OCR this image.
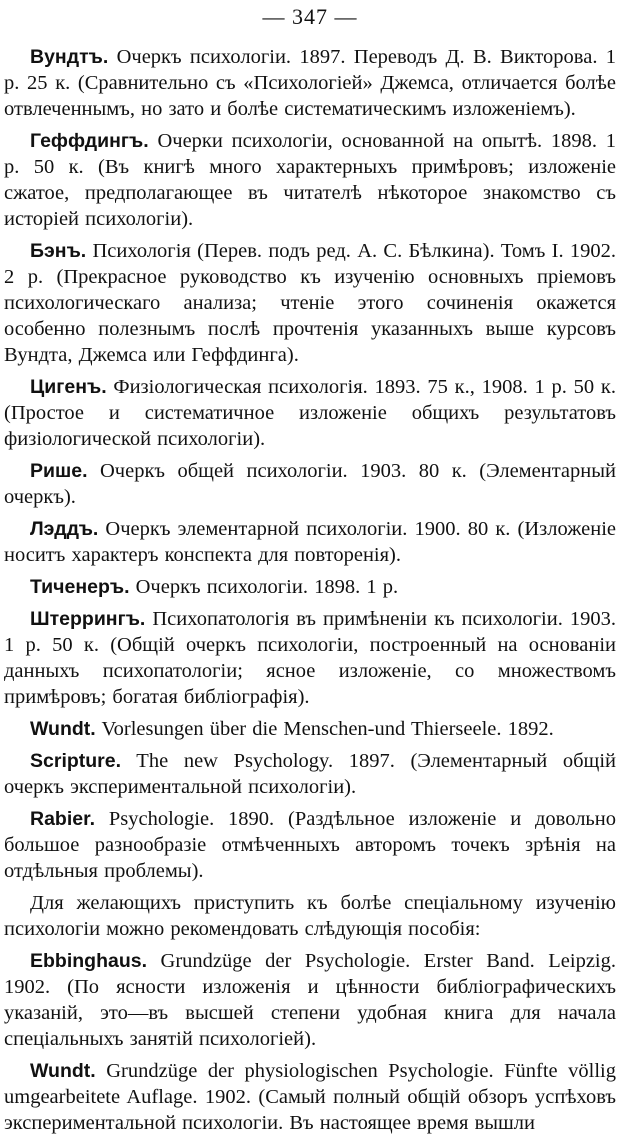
— 347 —

Вундтъ. Очеркъ психологіи. 1897. Переводъ Д. В. Викторова. 1 р. 25 к. (Сравнительно съ «Психологіей» Джемса, отличается болѣе отвлеченнымъ, но зато и болѣе систематическимъ изложеніемъ).

Геффдингъ. Очерки психологіи, основанной на опытѣ. 1898. 1 р. 50 к. (Въ книгѣ много характерныхъ примѣровъ; изложеніе сжатое, предполагающее въ читателѣ нѣкоторое знакомство съ исторіей психологіи).

Бэнъ. Психологія (Перев. подъ ред. А. С. Бѣлкина). Томъ I. 1902. 2 р. (Прекрасное руководство къ изученію основныхъ пріемовъ психологическаго анализа; чтеніе этого сочиненія окажется особенно полезнымъ послѣ прочтенія указанныхъ выше курсовъ Вундта, Джемса или Геффдинга).

Цигенъ. Физіологическая психологія. 1893. 75 к., 1908. 1 р. 50 к. (Простое и систематичное изложеніе общихъ результатовъ физіологической психологіи).

Рише. Очеркъ общей психологіи. 1903. 80 к. (Элементарный очеркъ).

Лэддъ. Очеркъ элементарной психологіи. 1900. 80 к. (Изложеніе носитъ характеръ конспекта для повторенія).

Тиченеръ. Очеркъ психологіи. 1898. 1 р.

Штеррингъ. Психопатологія въ примѣненіи къ психологіи. 1903. 1 р. 50 к. (Общій очеркъ психологіи, построенный на основаніи данныхъ психопатологіи; ясное изложеніе, со множествомъ примѣровъ; богатая библіографія).

Wundt. Vorlesungen über die Menschen-und Thierseele. 1892.

Scripture. The new Psychology. 1897. (Элементарный общій очеркъ экспериментальной психологіи).

Rabier. Psychologie. 1890. (Раздѣльное изложеніе и довольно большое разнообразіе отмѣченныхъ авторомъ точекъ зрѣнія на отдѣльныя проблемы).

Для желающихъ приступить къ болѣе спеціальному изученію психологіи можно рекомендовать слѣдующія пособія:

Ebbinghaus. Grundzüge der Psychologie. Erster Band. Leipzig. 1902. (По ясности изложенія и цѣнности библіографическихъ указаній, это—въ высшей степени удобная книга для начала спеціальныхъ занятій психологіей).

Wundt. Grundzüge der physiologischen Psychologie. Fünfte völlig umgearbeitete Auflage. 1902. (Самый полный общій обзоръ успѣховъ экспериментальной психологіи. Въ настоящее время вышли
